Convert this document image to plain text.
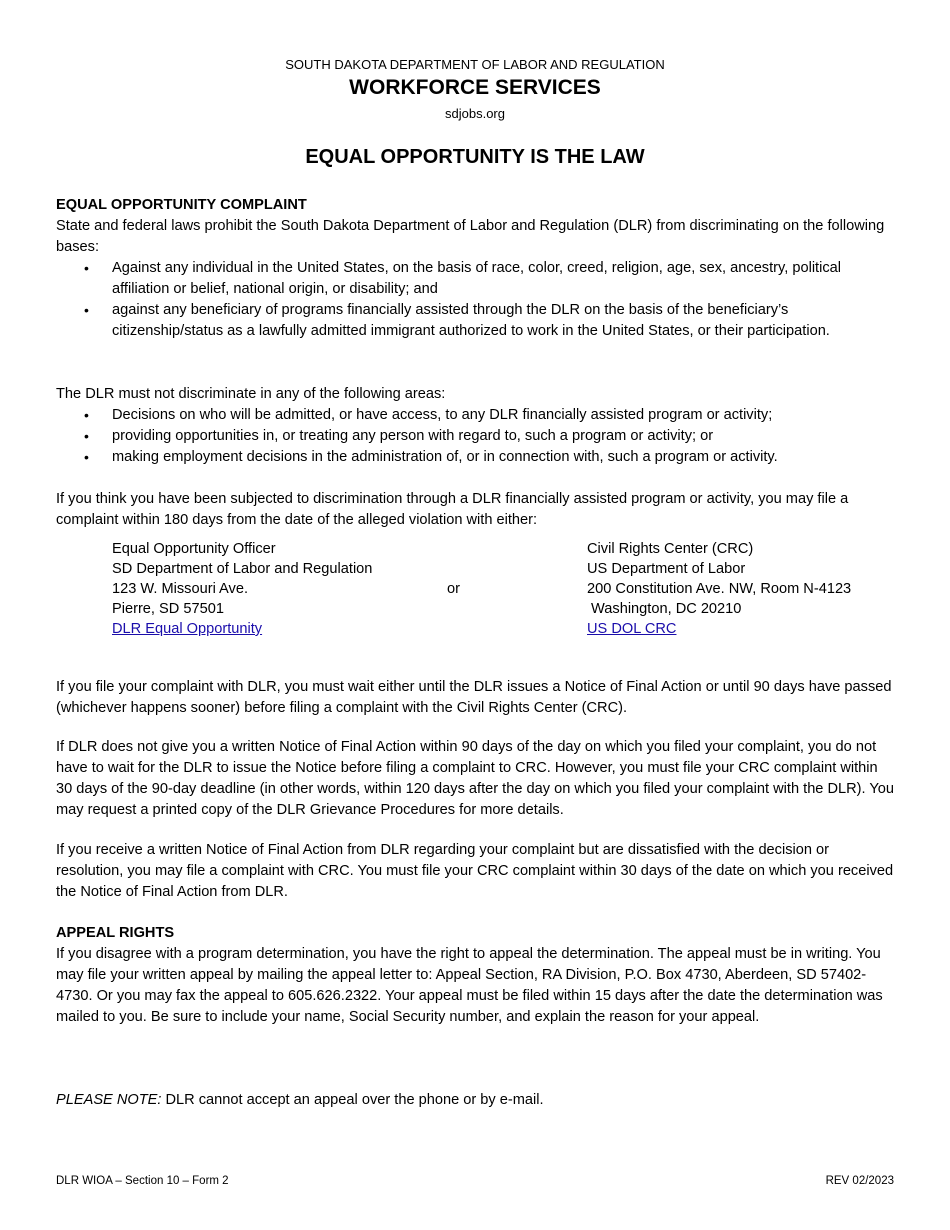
SOUTH DAKOTA DEPARTMENT OF LABOR AND REGULATION
WORKFORCE SERVICES
sdjobs.org
EQUAL OPPORTUNITY IS THE LAW
EQUAL OPPORTUNITY COMPLAINT

State and federal laws prohibit the South Dakota Department of Labor and Regulation (DLR) from discriminating on the following bases:

• Against any individual in the United States, on the basis of race, color, creed, religion, age, sex, ancestry, political affiliation or belief, national origin, or disability; and
• against any beneficiary of programs financially assisted through the DLR on the basis of the beneficiary’s citizenship/status as a lawfully admitted immigrant authorized to work in the United States, or their participation.

The DLR must not discriminate in any of the following areas:

• Decisions on who will be admitted, or have access, to any DLR financially assisted program or activity;
• providing opportunities in, or treating any person with regard to, such a program or activity; or
• making employment decisions in the administration of, or in connection with, such a program or activity.

If you think you have been subjected to discrimination through a DLR financially assisted program or activity, you may file a complaint within 180 days from the date of the alleged violation with either:

Equal Opportunity Officer
SD Department of Labor and Regulation
123 W. Missouri Ave.
Pierre, SD 57501
DLR Equal Opportunity
or
Civil Rights Center (CRC)
US Department of Labor
200 Constitution Ave. NW, Room N-4123
Washington, DC 20210
US DOL CRC

If you file your complaint with DLR, you must wait either until the DLR issues a Notice of Final Action or until 90 days have passed (whichever happens sooner) before filing a complaint with the Civil Rights Center (CRC).

If DLR does not give you a written Notice of Final Action within 90 days of the day on which you filed your complaint, you do not have to wait for the DLR to issue the Notice before filing a complaint to CRC. However, you must file your CRC complaint within 30 days of the 90-day deadline (in other words, within 120 days after the day on which you filed your complaint with the DLR). You may request a printed copy of the DLR Grievance Procedures for more details.

If you receive a written Notice of Final Action from DLR regarding your complaint but are dissatisfied with the decision or resolution, you may file a complaint with CRC. You must file your CRC complaint within 30 days of the date on which you received the Notice of Final Action from DLR.

APPEAL RIGHTS

If you disagree with a program determination, you have the right to appeal the determination. The appeal must be in writing. You may file your written appeal by mailing the appeal letter to: Appeal Section, RA Division, P.O. Box 4730, Aberdeen, SD 57402-4730. Or you may fax the appeal to 605.626.2322. Your appeal must be filed within 15 days after the date the determination was mailed to you. Be sure to include your name, Social Security number, and explain the reason for your appeal.

PLEASE NOTE: DLR cannot accept an appeal over the phone or by e-mail.

DLR WIOA – Section 10 – Form 2	REV 02/2023
